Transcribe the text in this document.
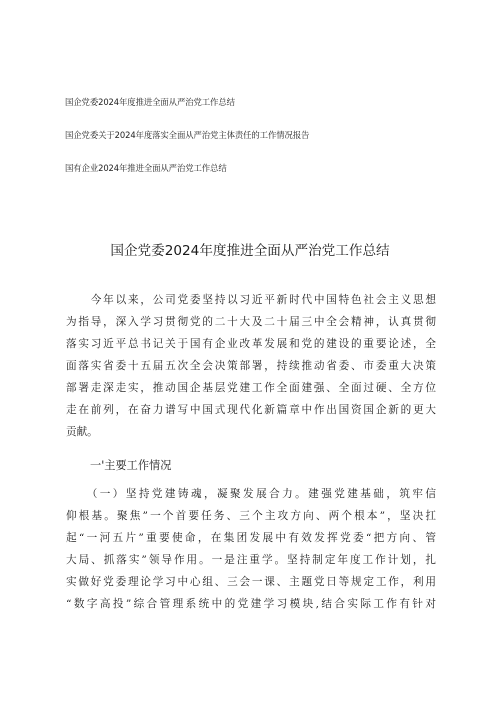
国企党委2024年度推进全面从严治党工作总结
国企党委关于2024年度落实全面从严治党主体责任的工作情况报告
国有企业2024年推进全面从严治党工作总结
国企党委2024年度推进全面从严治党工作总结
　　今年以来，公司党委坚持以习近平新时代中国特色社会主义思想
为指导，深入学习贯彻党的二十大及二十届三中全会精神，认真贯彻
落实习近平总书记关于国有企业改革发展和党的建设的重要论述，全
面落实省委十五届五次全会决策部署，持续推动省委、市委重大决策
部署走深走实，推动国企基层党建工作全面建强、全面过硬、全方位
走在前列，在奋力谱写中国式现代化新篇章中作出国资国企新的更大
贡献。
一'主要工作情况
　　（一）坚持党建铸魂，凝聚发展合力。建强党建基础，筑牢信
仰根基。聚焦”一个首要任务、三个主攻方向、两个根本”，坚决扛
起“一河五片”重要使命，在集团发展中有效发挥党委“把方向、管
大局、抓落实”领导作用。一是注重学。坚持制定年度工作计划，扎
实做好党委理论学习中心组、三会一课、主题党日等规定工作，利用
“数字高投”综合管理系统中的党建学习模块,结合实际工作有针对
